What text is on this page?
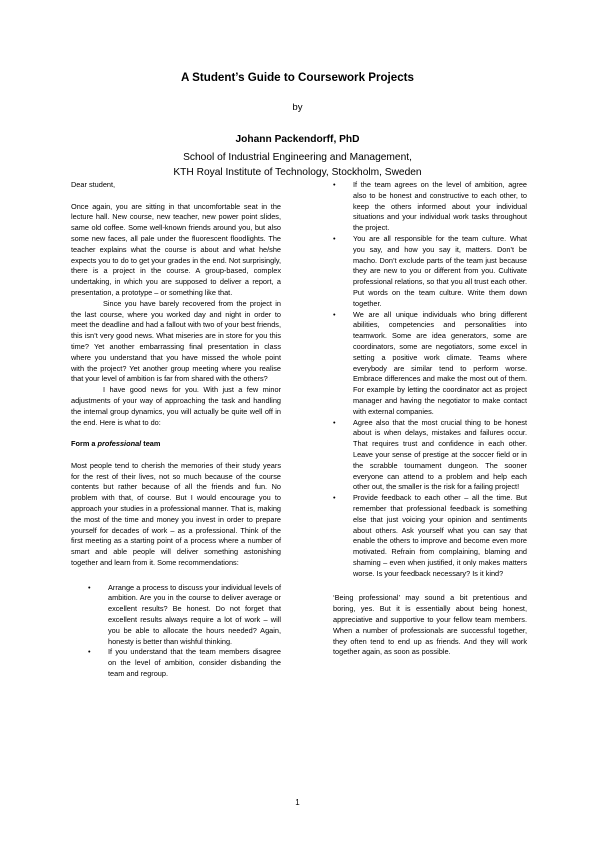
A Student’s Guide to Coursework Projects
by
Johann Packendorff, PhD
School of Industrial Engineering and Management,
KTH Royal Institute of Technology, Stockholm, Sweden

Dear student,

Once again, you are sitting in that uncomfortable seat in the lecture hall. New course, new teacher, new power point slides, same old coffee. Some well-known friends around you, but also some new faces, all pale under the fluorescent floodlights. The teacher explains what the course is about and what he/she expects you to do to get your grades in the end. Not surprisingly, there is a project in the course. A group-based, complex undertaking, in which you are supposed to deliver a report, a presentation, a prototype – or something like that.

Since you have barely recovered from the project in the last course, where you worked day and night in order to meet the deadline and had a fallout with two of your best friends, this isn’t very good news. What miseries are in store for you this time? Yet another embarrassing final presentation in class where you understand that you have missed the whole point with the project? Yet another group meeting where you realise that your level of ambition is far from shared with the others?

I have good news for you. With just a few minor adjustments of your way of approaching the task and handling the internal group dynamics, you will actually be quite well off in the end. Here is what to do:

Form a professional team

Most people tend to cherish the memories of their study years for the rest of their lives, not so much because of the course contents but rather because of all the friends and fun. No problem with that, of course. But I would encourage you to approach your studies in a professional manner. That is, making the most of the time and money you invest in order to prepare yourself for decades of work – as a professional. Think of the first meeting as a starting point of a process where a number of smart and able people will deliver something astonishing together and learn from it. Some recommendations:

• Arrange a process to discuss your individual levels of ambition. Are you in the course to deliver average or excellent results? Be honest. Do not forget that excellent results always require a lot of work – will you be able to allocate the hours needed? Again, honesty is better than wishful thinking.
• If you understand that the team members disagree on the level of ambition, consider disbanding the team and regroup.
• If the team agrees on the level of ambition, agree also to be honest and constructive to each other, to keep the others informed about your individual situations and your individual work tasks throughout the project.
• You are all responsible for the team culture. What you say, and how you say it, matters. Don’t be macho. Don’t exclude parts of the team just because they are new to you or different from you. Cultivate professional relations, so that you all trust each other. Put words on the team culture. Write them down together.
• We are all unique individuals who bring different abilities, competencies and personalities into teamwork. Some are idea generators, some are coordinators, some are negotiators, some excel in setting a positive work climate. Teams where everybody are similar tend to perform worse. Embrace differences and make the most out of them. For example by letting the coordinator act as project manager and having the negotiator to make contact with external companies.
• Agree also that the most crucial thing to be honest about is when delays, mistakes and failures occur. That requires trust and confidence in each other. Leave your sense of prestige at the soccer field or in the scrabble tournament dungeon. The sooner everyone can attend to a problem and help each other out, the smaller is the risk for a failing project!
• Provide feedback to each other – all the time. But remember that professional feedback is something else that just voicing your opinion and sentiments about others. Ask yourself what you can say that enable the others to improve and become even more motivated. Refrain from complaining, blaming and shaming – even when justified, it only makes matters worse. Is your feedback necessary? Is it kind?

‘Being professional’ may sound a bit pretentious and boring, yes. But it is essentially about being honest, appreciative and supportive to your fellow team members. When a number of professionals are successful together, they often tend to end up as friends. And they will work together again, as soon as possible.

1
